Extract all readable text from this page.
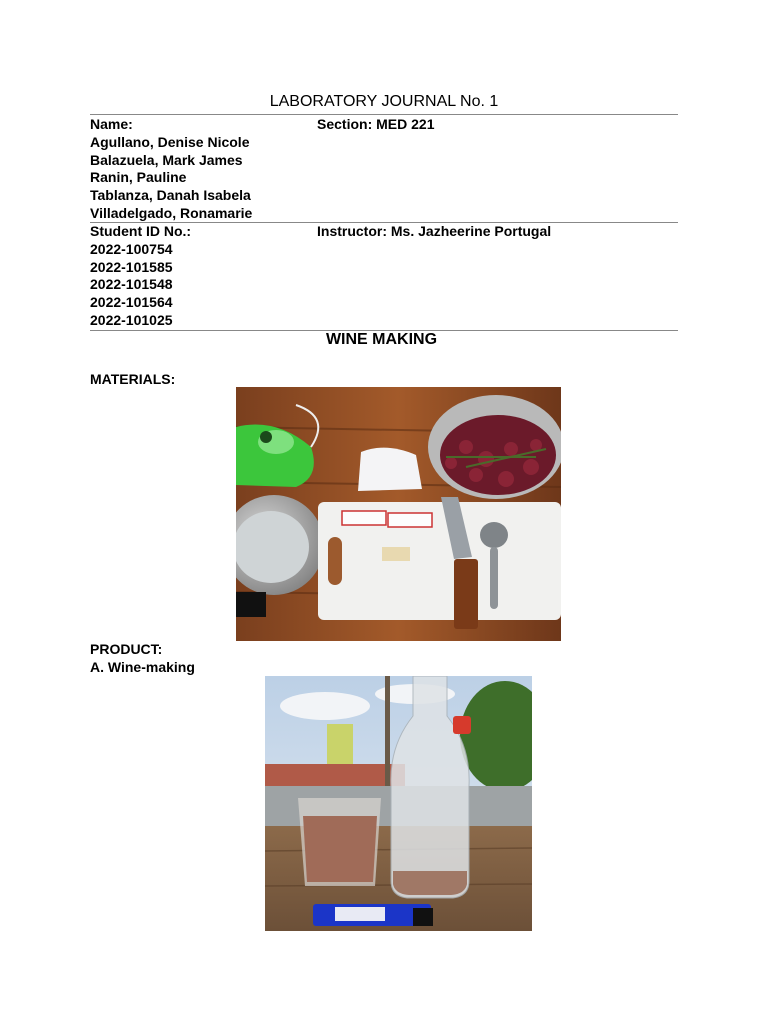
LABORATORY JOURNAL No. 1
Name:
Agullano, Denise Nicole
Balazuela, Mark James
Ranin, Pauline
Tablanza, Danah Isabela
Villadelgado, Ronamarie
Section: MED 221
Student ID No.:
2022-100754
2022-101585
2022-101548
2022-101564
2022-101025
Instructor: Ms. Jazheerine Portugal
WINE MAKING
MATERIALS:
PRODUCT:
A. Wine-making
